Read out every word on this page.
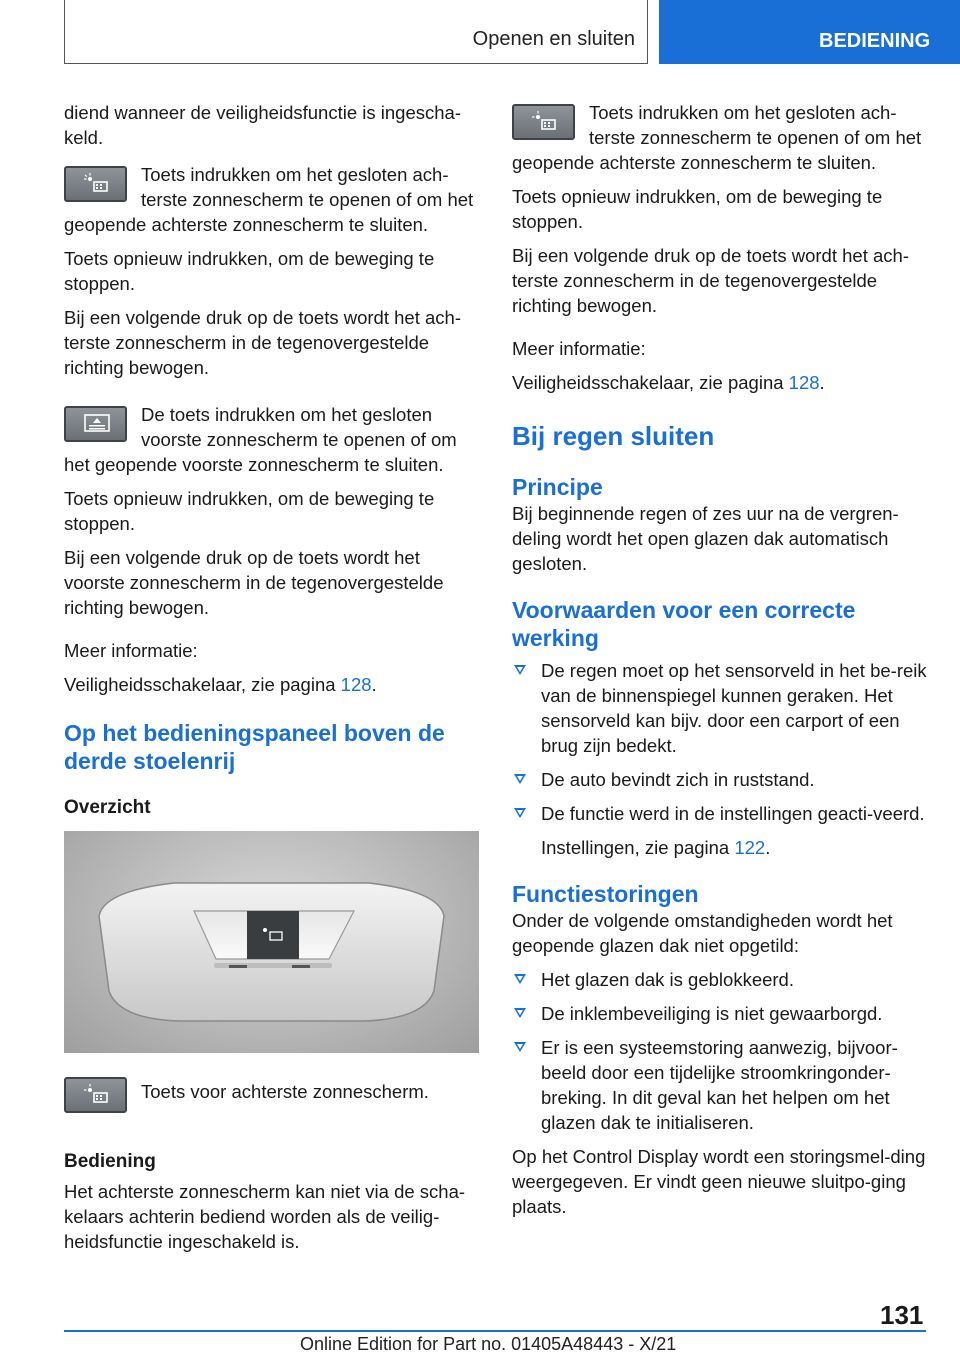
Openen en sluiten	BEDIENING

diend wanneer de veiligheidsfunctie is ingescha-keld.

Toets indrukken om het gesloten ach-terste zonnescherm te openen of om het geopende achterste zonnescherm te sluiten.

Toets opnieuw indrukken, om de beweging te stoppen.

Bij een volgende druk op de toets wordt het ach-terste zonnescherm in de tegenovergestelde richting bewogen.

De toets indrukken om het gesloten voorste zonnescherm te openen of om het geopende voorste zonnescherm te sluiten.

Toets opnieuw indrukken, om de beweging te stoppen.

Bij een volgende druk op de toets wordt het voorste zonnescherm in de tegenovergestelde richting bewogen.

Meer informatie:

Veiligheidsschakelaar, zie pagina 128.

Op het bedieningspaneel boven de derde stoelenrij
Overzicht

Toets voor achterste zonnescherm.

Bediening

Het achterste zonnescherm kan niet via de scha-kelaars achterin bediend worden als de veilig-heidsfunctie ingeschakeld is.

Toets indrukken om het gesloten ach-terste zonnescherm te openen of om het geopende achterste zonnescherm te sluiten.

Toets opnieuw indrukken, om de beweging te stoppen.

Bij een volgende druk op de toets wordt het ach-terste zonnescherm in de tegenovergestelde richting bewogen.

Meer informatie:

Veiligheidsschakelaar, zie pagina 128.

Bij regen sluiten
Principe

Bij beginnende regen of zes uur na de vergren-deling wordt het open glazen dak automatisch gesloten.

Voorwaarden voor een correcte werking
De regen moet op het sensorveld in het be-reik van de binnenspiegel kunnen geraken. Het sensorveld kan bijv. door een carport of een brug zijn bedekt.
De auto bevindt zich in ruststand.
De functie werd in de instellingen geacti-veerd.

Instellingen, zie pagina 122.

Functiestoringen

Onder de volgende omstandigheden wordt het geopende glazen dak niet opgetild:

Het glazen dak is geblokkeerd.
De inklembeveiliging is niet gewaarborgd.
Er is een systeemstoring aanwezig, bijvoor-beeld door een tijdelijke stroomkringonder-breking. In dit geval kan het helpen om het glazen dak te initialiseren.

Op het Control Display wordt een storingsmel-ding weergegeven. Er vindt geen nieuwe sluitpo-ging plaats.

131
Online Edition for Part no. 01405A48443 - X/21
